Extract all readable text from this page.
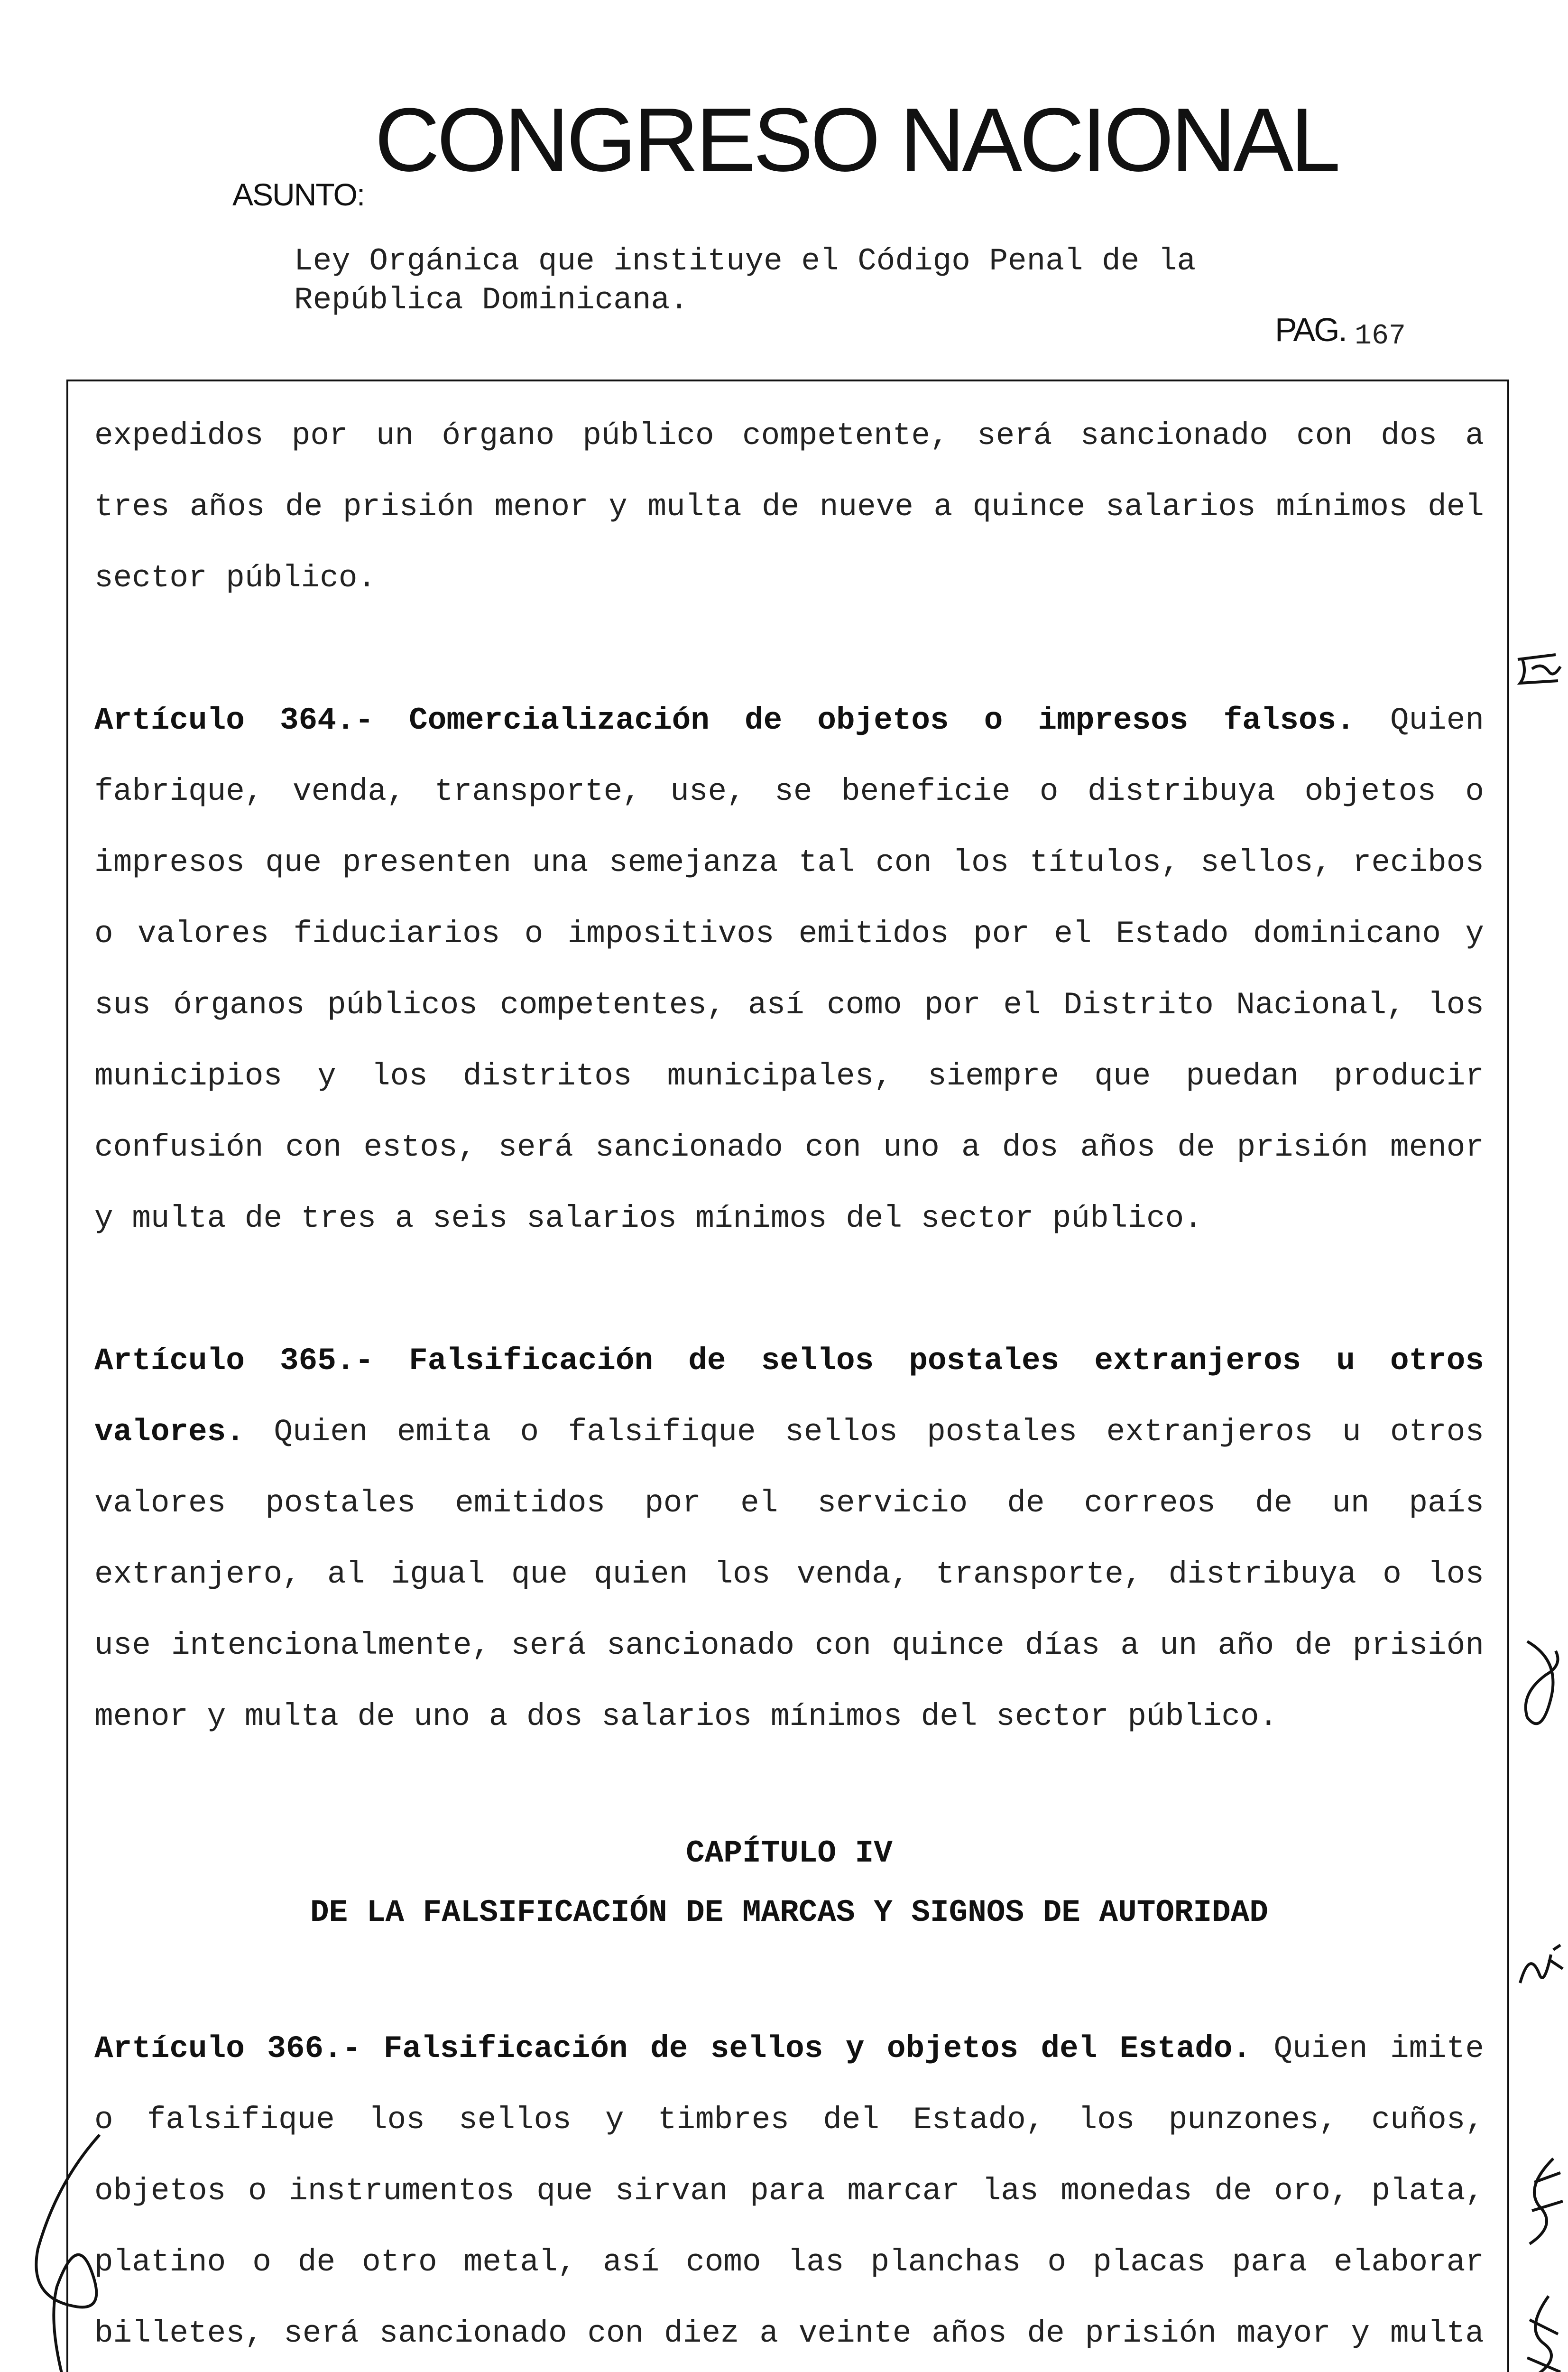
CONGRESO NACIONAL
ASUNTO:
Ley Orgánica que instituye el Código Penal de la República Dominicana.
PAG. 167

expedidos por un órgano público competente, será sancionado con dos a tres años de prisión menor y multa de nueve a quince salarios mínimos del sector público.

Artículo 364.- Comercialización de objetos o impresos falsos. Quien fabrique, venda, transporte, use, se beneficie o distribuya objetos o impresos que presenten una semejanza tal con los títulos, sellos, recibos o valores fiduciarios o impositivos emitidos por el Estado dominicano y sus órganos públicos competentes, así como por el Distrito Nacional, los municipios y los distritos municipales, siempre que puedan producir confusión con estos, será sancionado con uno a dos años de prisión menor y multa de tres a seis salarios mínimos del sector público.

Artículo 365.- Falsificación de sellos postales extranjeros u otros valores. Quien emita o falsifique sellos postales extranjeros u otros valores postales emitidos por el servicio de correos de un país extranjero, al igual que quien los venda, transporte, distribuya o los use intencionalmente, será sancionado con quince días a un año de prisión menor y multa de uno a dos salarios mínimos del sector público.

CAPÍTULO IV
DE LA FALSIFICACIÓN DE MARCAS Y SIGNOS DE AUTORIDAD

Artículo 366.- Falsificación de sellos y objetos del Estado. Quien imite o falsifique los sellos y timbres del Estado, los punzones, cuños, objetos o instrumentos que sirvan para marcar las monedas de oro, plata, platino o de otro metal, así como las planchas o placas para elaborar billetes, será sancionado con diez a veinte años de prisión mayor y multa
